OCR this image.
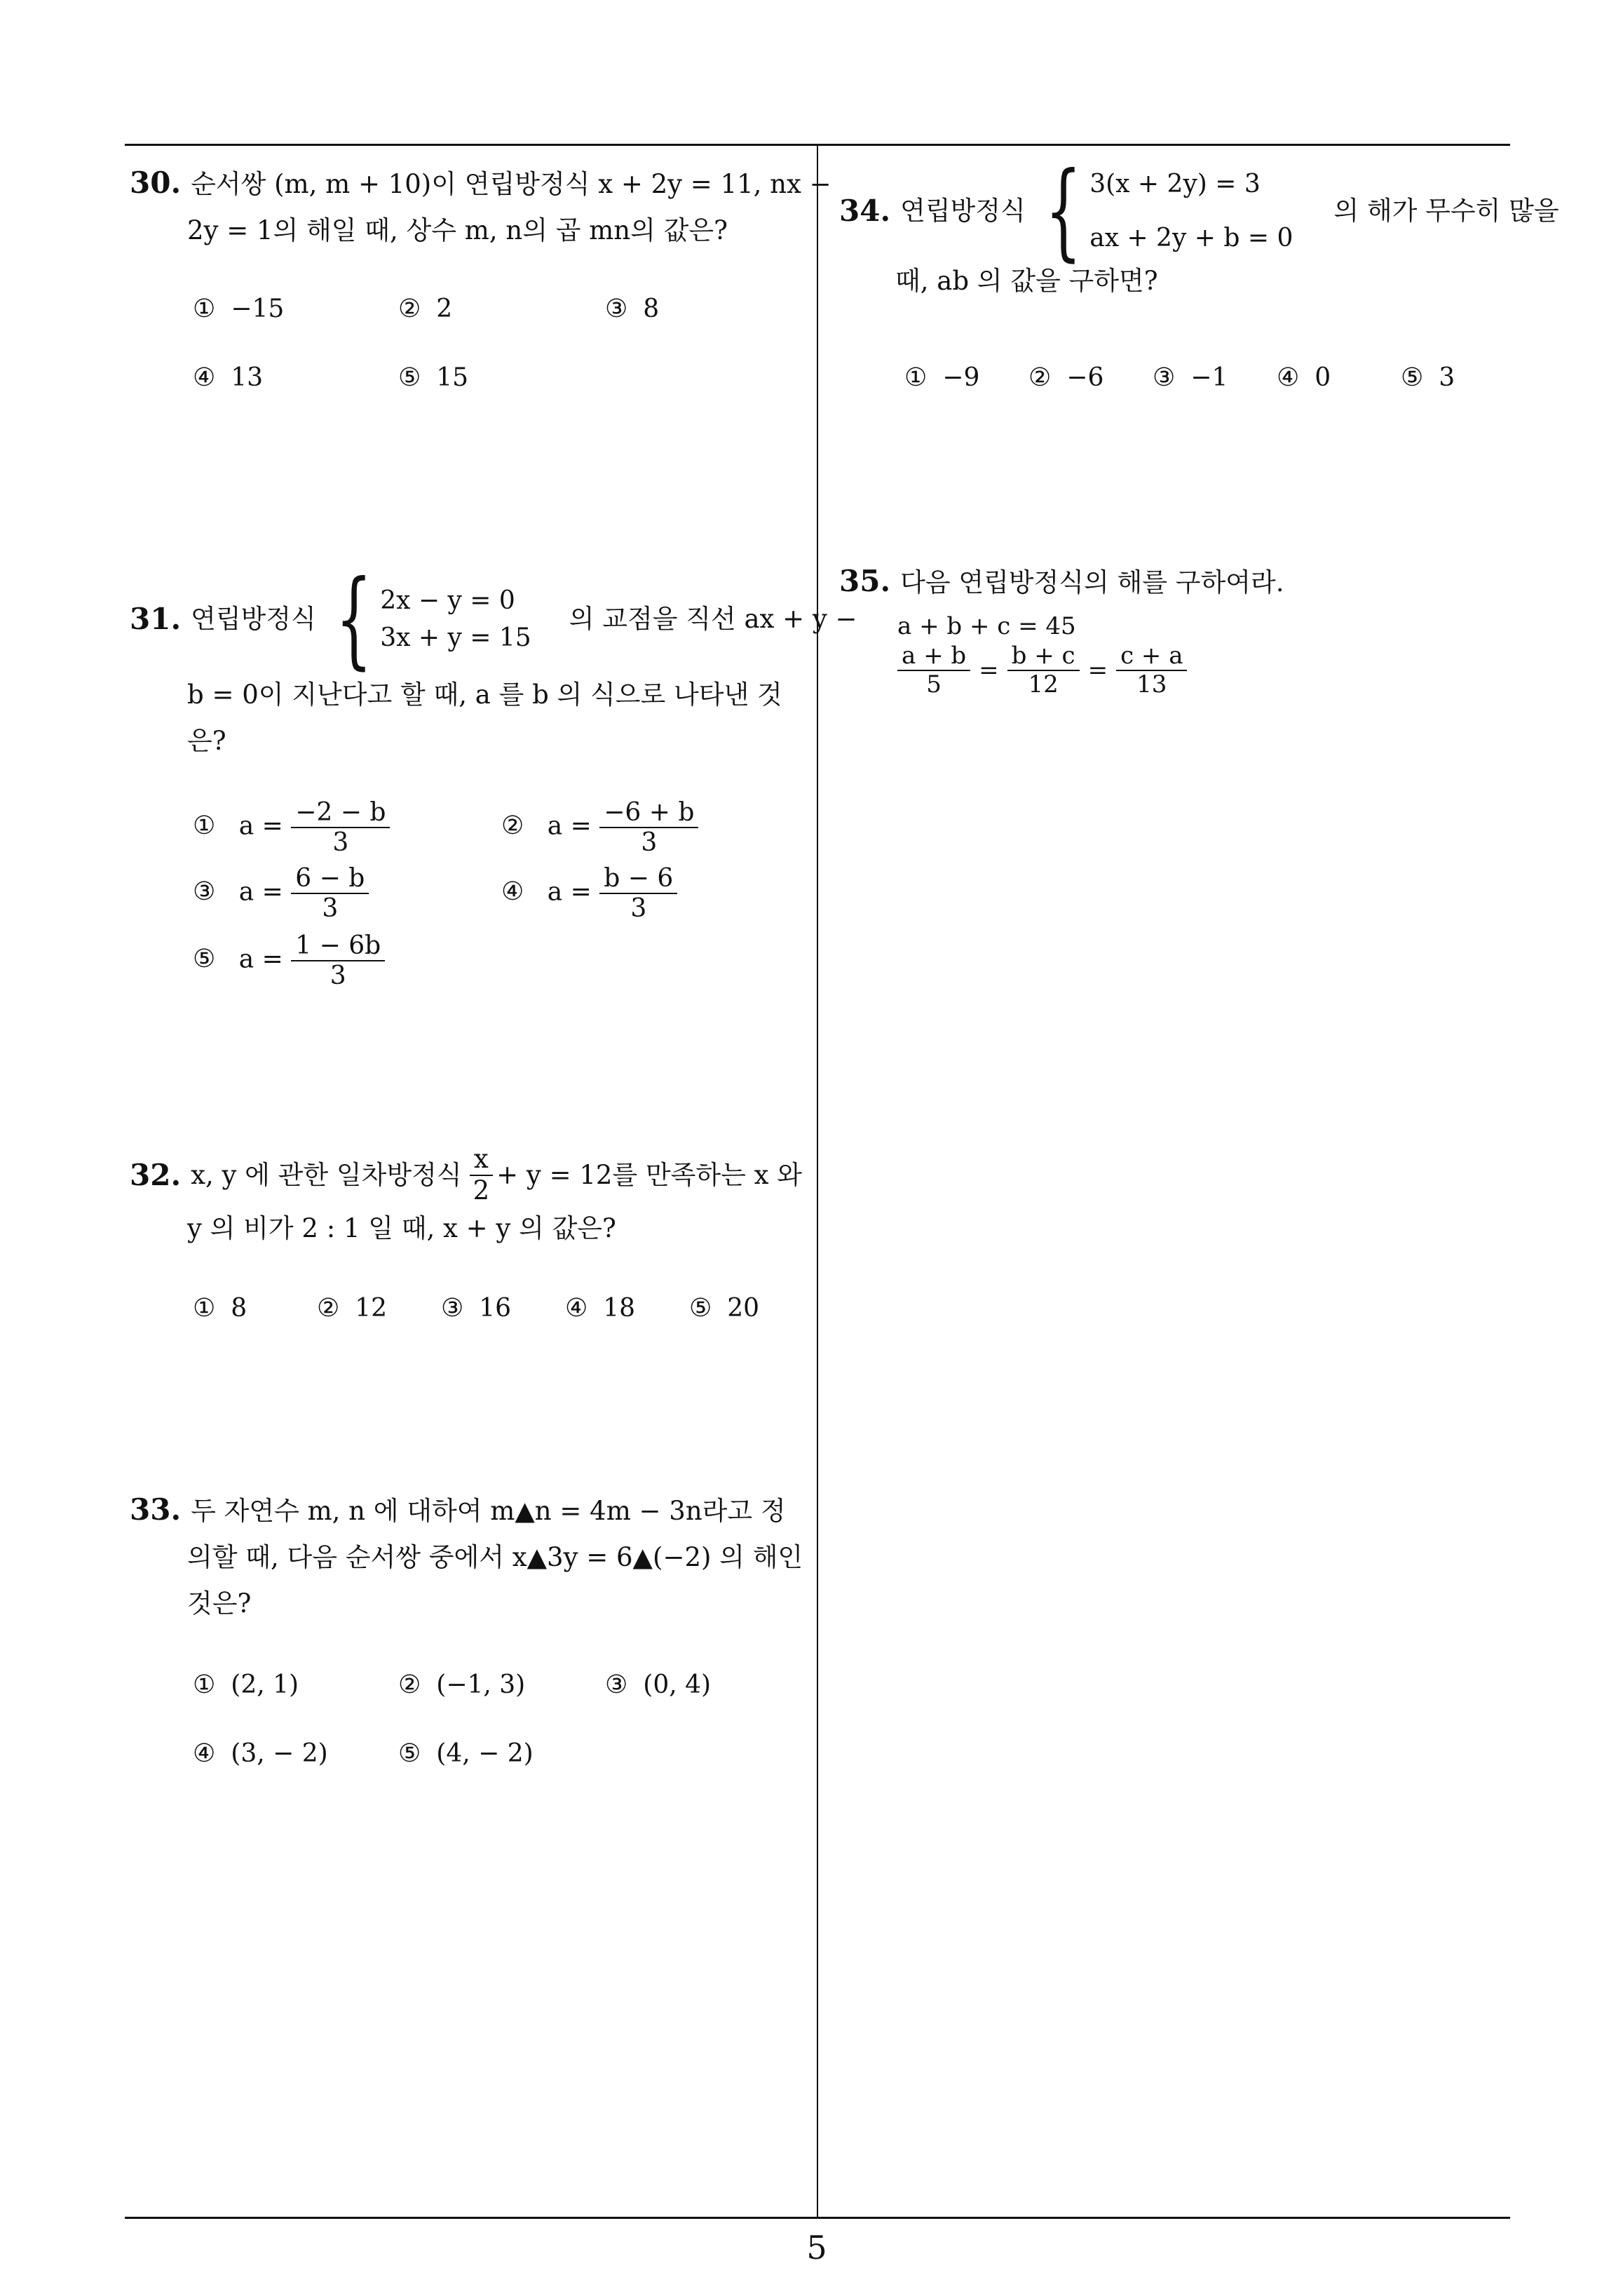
30. 순서쌍 (m, m + 10)이 연립방정식 x + 2y = 11, nx −
2y = 1의 해일 때, 상수 m, n의 곱 mn의 값은?
① −15	② 2	③ 8
④ 13	⑤ 15
31. 연립방정식 { 2x − y = 0
3x + y = 15
의 교점을 직선 ax + y −
b = 0이 지난다고 할 때, a 를 b 의 식으로 나타낸 것
은?
① $a = \frac{-2 - b}{3}$	② $a = \frac{-6 + b}{3}$
③ $a = \frac{6 - b}{3}$	④ $a = \frac{b - 6}{3}$
⑤ $a = \frac{1 - 6b}{3}$
32. x, y 에 관한 일차방정식 $\frac{x}{2} + y = 12$를 만족하는 x 와
y 의 비가 2 : 1 일 때, x + y 의 값은?
① 8	② 12 ③ 16 ④ 18 ⑤ 20
33. 두 자연수 m, n 에 대하여 m▲n = 4m − 3n라고 정
의할 때, 다음 순서쌍 중에서 x▲3y = 6▲(−2) 의 해인
것은?
① (2, 1)	② (−1, 3)	③ (0, 4)
④ (3, − 2)	⑤ (4, − 2)
34. 연립방정식 { 3(x + 2y) = 3
ax + 2y + b = 0
의 해가 무수히 많을
때, ab 의 값을 구하면?
① −9 ② −6 ③ −1 ④ 0	⑤ 3
35. 다음 연립방정식의 해를 구하여라.
a + b + c = 45
$\frac{a + b}{5} = \frac{b + c}{12} = \frac{c + a}{13}$
5
